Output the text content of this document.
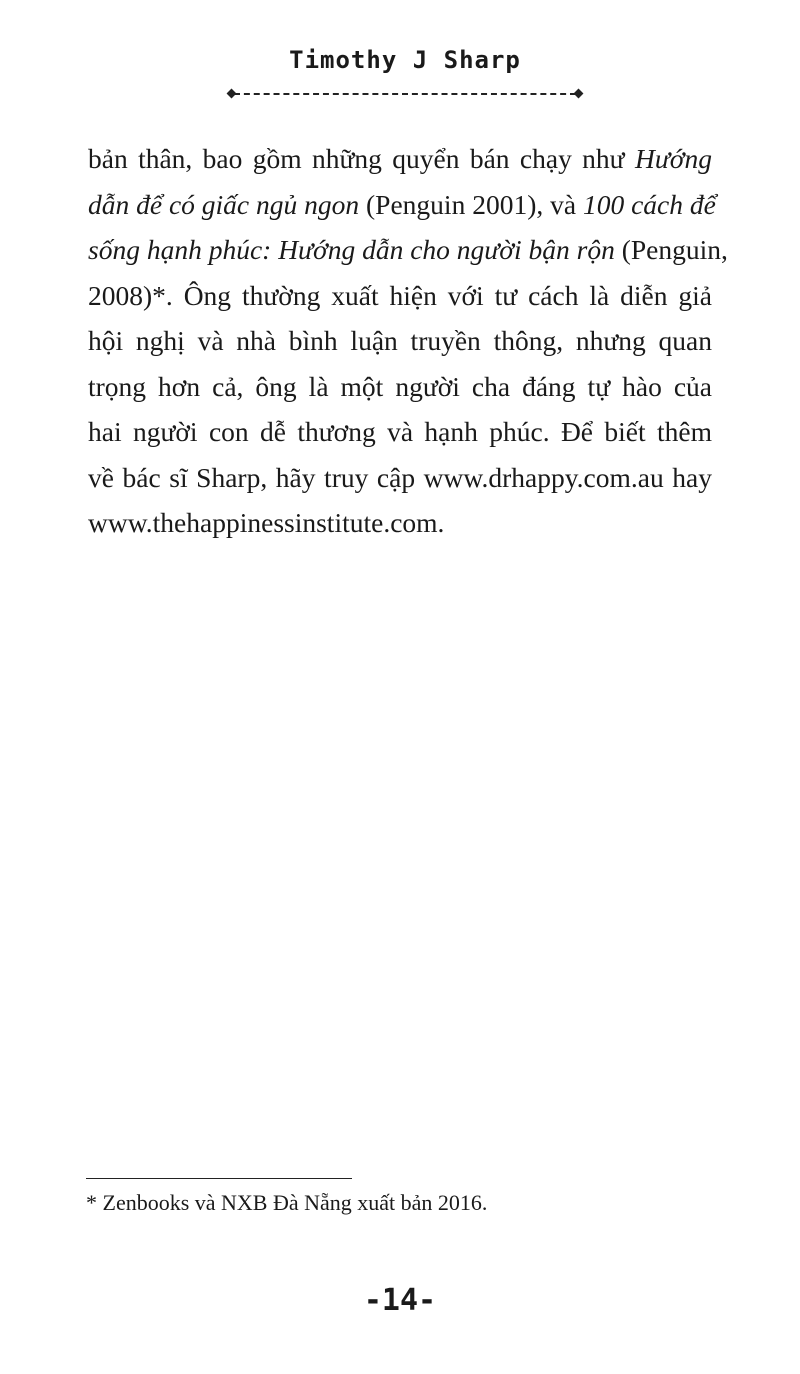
Timothy J Sharp

bản thân, bao gồm những quyển bán chạy như Hướng
dẫn để có giấc ngủ ngon (Penguin 2001), và 100 cách để
sống hạnh phúc: Hướng dẫn cho người bận rộn (Penguin,
2008)*. Ông thường xuất hiện với tư cách là diễn giả
hội nghị và nhà bình luận truyền thông, nhưng quan
trọng hơn cả, ông là một người cha đáng tự hào của
hai người con dễ thương và hạnh phúc. Để biết thêm
về bác sĩ Sharp, hãy truy cập www.drhappy.com.au hay
www.thehappinessinstitute.com.

* Zenbooks và NXB Đà Nẵng xuất bản 2016.

-14-
